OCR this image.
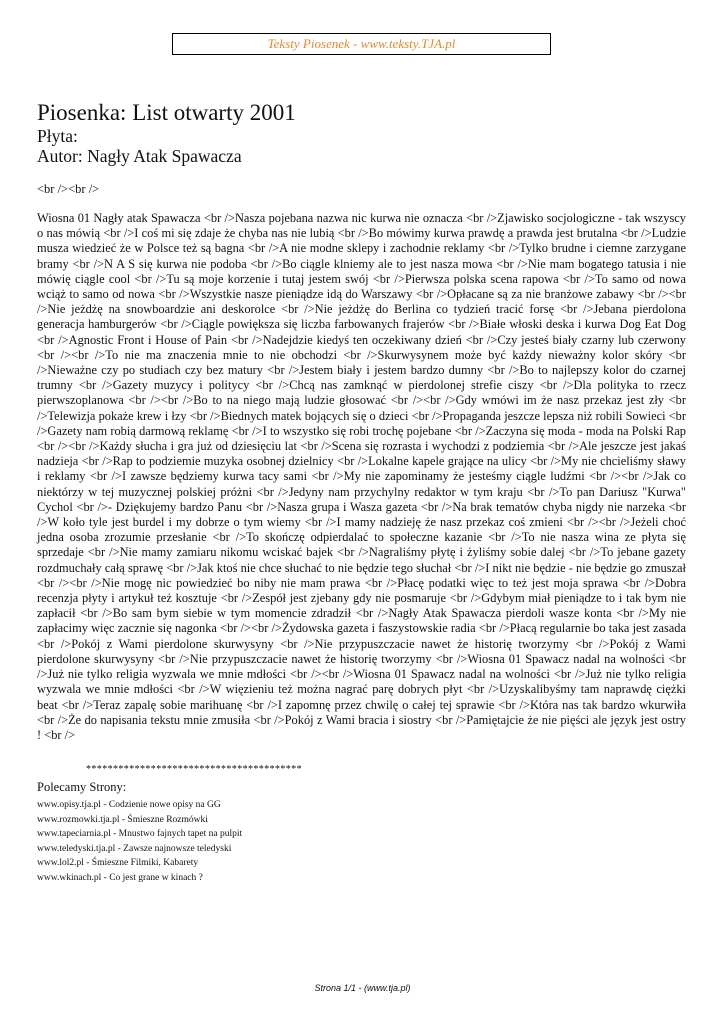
Teksty Piosenek - www.teksty.TJA.pl
Piosenka: List otwarty 2001
Płyta:
Autor: Nagły Atak Spawacza
<br /><br />

Wiosna 01 Nagły atak Spawacza <br />Nasza pojebana nazwa nic kurwa nie oznacza <br />Zjawisko socjologiczne - tak wszyscy o nas mówią <br />I coś mi się zdaje że chyba nas nie lubią <br />Bo mówimy kurwa prawdę a prawda jest brutalna <br />Ludzie musza wiedzieć że w Polsce też są bagna <br />A nie modne sklepy i zachodnie reklamy <br />Tylko brudne i ciemne zarzygane bramy <br />N A S się kurwa nie podoba <br />Bo ciągle klniemy ale to jest nasza mowa <br />Nie mam bogatego tatusia i nie mówię ciągle cool <br />Tu są moje korzenie i tutaj jestem swój <br />Pierwsza polska scena rapowa <br />To samo od nowa wciąż to samo od nowa <br />Wszystkie nasze pieniądze idą do Warszawy <br />Opłacane są za nie branżowe zabawy <br /><br />Nie jeżdżę na snowboardzie ani deskorolce <br />Nie jeżdżę do Berlina co tydzień tracić forsę <br />Jebana pierdolona generacja hamburgerów <br />Ciągle powiększa się liczba farbowanych frajerów <br />Białe włoski deska i kurwa Dog Eat Dog <br />Agnostic Front i House of Pain <br />Nadejdzie kiedyś ten oczekiwany dzień <br />Czy jesteś biały czarny lub czerwony <br /><br />To nie ma znaczenia mnie to nie obchodzi <br />Skurwysynem może być każdy nieważny kolor skóry <br />Nieważne czy po studiach czy bez matury <br />Jestem biały i jestem bardzo dumny <br />Bo to najlepszy kolor do czarnej trumny <br />Gazety muzycy i politycy <br />Chcą nas zamknąć w pierdolonej strefie ciszy <br />Dla polityka to rzecz pierwszoplanowa <br /><br />Bo to na niego mają ludzie głosować <br /><br />Gdy wmówi im że nasz przekaz jest zły <br />Telewizja pokaże krew i łzy <br />Biednych matek bojących się o dzieci <br />Propaganda jeszcze lepsza niż robili Sowieci <br />Gazety nam robią darmową reklamę <br />I to wszystko się robi trochę pojebane <br />Zaczyna się moda - moda na Polski Rap <br /><br />Każdy słucha i gra już od dziesięciu lat <br />Scena się rozrasta i wychodzi z podziemia <br />Ale jeszcze jest jakaś nadzieja <br />Rap to podziemie muzyka osobnej dzielnicy <br />Lokalne kapele grające na ulicy <br />My nie chcieliśmy sławy i reklamy <br />I zawsze będziemy kurwa tacy sami <br />My nie zapominamy że jesteśmy ciągle ludźmi <br /><br />Jak co niektórzy w tej muzycznej polskiej próżni <br />Jedyny nam przychylny redaktor w tym kraju <br />To pan Dariusz "Kurwa" Cychol <br />- Dziękujemy bardzo Panu <br />Nasza grupa i Wasza gazeta <br />Na brak tematów chyba nigdy nie narzeka <br />W koło tyle jest burdel i my dobrze o tym wiemy <br />I mamy nadzieję że nasz przekaz coś zmieni <br /><br />Jeżeli choć jedna osoba zrozumie przesłanie <br />To skończę odpierdalać to społeczne kazanie <br />To nie nasza wina ze płyta się sprzedaje <br />Nie mamy zamiaru nikomu wciskać bajek <br />Nagraliśmy płytę i żyliśmy sobie dalej <br />To jebane gazety rozdmuchały całą sprawę <br />Jak ktoś nie chce słuchać to nie będzie tego słuchał <br />I nikt nie będzie - nie będzie go zmuszał <br /><br />Nie mogę nic powiedzieć bo niby nie mam prawa <br />Płacę podatki więc to też jest moja sprawa <br />Dobra recenzja płyty i artykuł też kosztuje <br />Zespół jest zjebany gdy nie posmaruje <br />Gdybym miał pieniądze to i tak bym nie zapłacił <br />Bo sam bym siebie w tym momencie zdradził <br />Nagły Atak Spawacza pierdoli wasze konta <br />My nie zapłacimy więc zacznie się nagonka <br /><br />Żydowska gazeta i faszystowskie radia <br />Płacą regularnie bo taka jest zasada <br />Pokój z Wami pierdolone skurwysyny <br />Nie przypuszczacie nawet że historię tworzymy <br />Pokój z Wami pierdolone skurwysyny <br />Nie przypuszczacie nawet że historię tworzymy <br />Wiosna 01 Spawacz nadal na wolności <br />Już nie tylko religia wyzwala we mnie mdłości <br /><br />Wiosna 01 Spawacz nadal na wolności <br />Już nie tylko religia wyzwala we mnie mdłości <br />W więzieniu też można nagrać parę dobrych płyt <br />Uzyskalibyśmy tam naprawdę ciężki beat <br />Teraz zapalę sobie marihuanę <br />I zapomnę przez chwilę o całej tej sprawie <br />Która nas tak bardzo wkurwiła <br />Że do napisania tekstu mnie zmusiła <br />Pokój z Wami bracia i siostry <br />Pamiętajcie że nie pięści ale język jest ostry ! <br />

****************************************
Polecamy Strony:
www.opisy.tja.pl - Codzienie nowe opisy na GG
www.rozmowki.tja.pl - Śmieszne Rozmówki
www.tapeciarnia.pl - Mnustwo fajnych tapet na pulpit
www.teledyski.tja.pl - Zawsze najnowsze teledyski
www.lol2.pl - Śmieszne Filmiki, Kabarety
www.wkinach.pl - Co jest grane w kinach ?
Strona 1/1 - (www.tja.pl)
